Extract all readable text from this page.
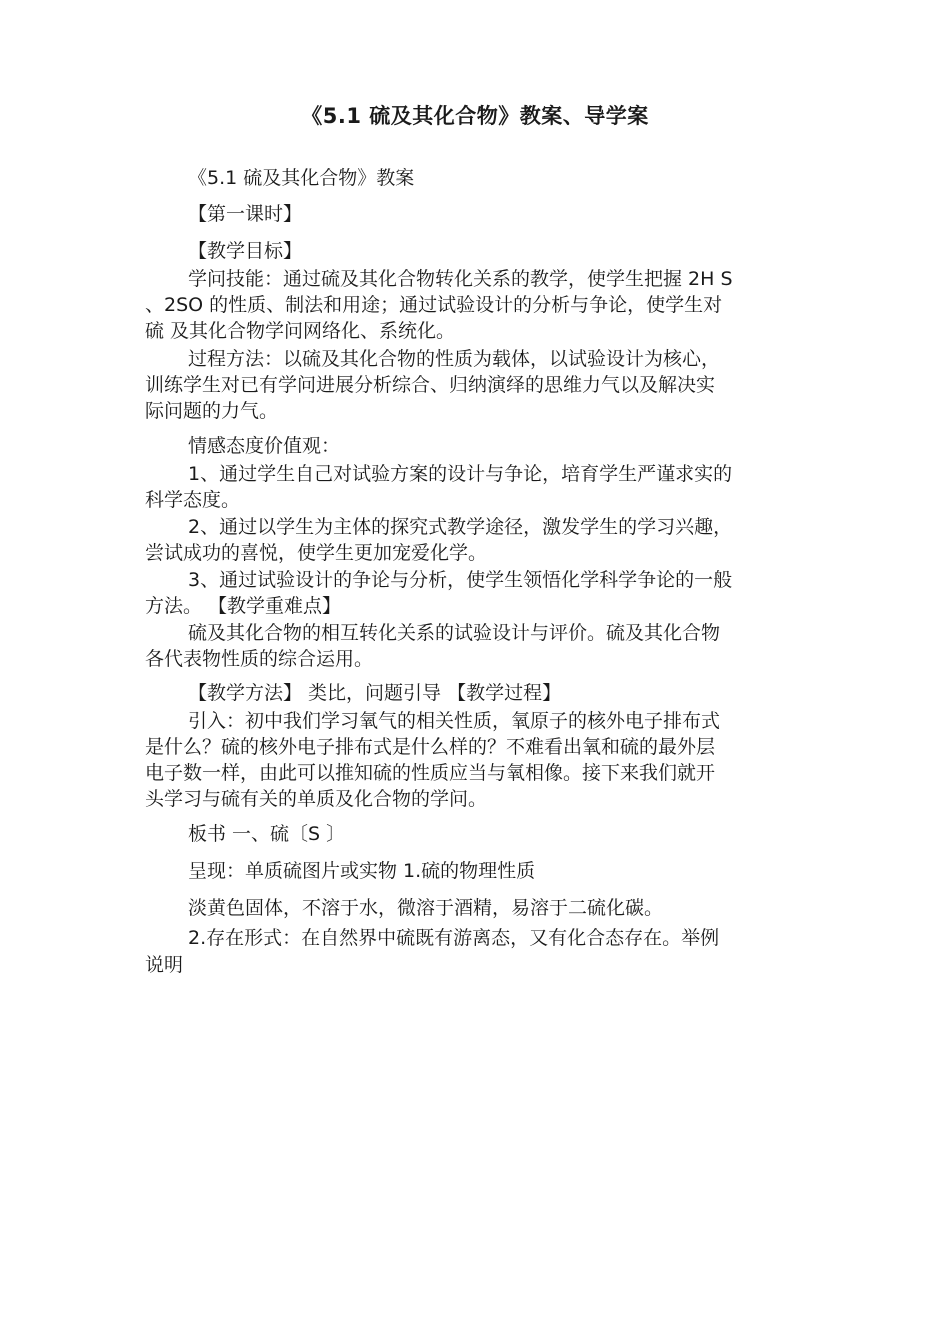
《5.1 硫及其化合物》教案、导学案
《5.1 硫及其化合物》教案
【第一课时】
【教学目标】
学问技能：通过硫及其化合物转化关系的教学，使学生把握 2H S
、2SO 的性质、制法和用途；通过试验设计的分析与争论，使学生对
硫 及其化合物学问网络化、系统化。
过程方法：以硫及其化合物的性质为载体，以试验设计为核心，
训练学生对已有学问进展分析综合、归纳演绎的思维力气以及解决实
际问题的力气。
情感态度价值观：
1、通过学生自己对试验方案的设计与争论，培育学生严谨求实的
科学态度。
2、通过以学生为主体的探究式教学途径，激发学生的学习兴趣，
尝试成功的喜悦，使学生更加宠爱化学。
3、通过试验设计的争论与分析，使学生领悟化学科学争论的一般
方法。 【教学重难点】
硫及其化合物的相互转化关系的试验设计与评价。硫及其化合物
各代表物性质的综合运用。
【教学方法】 类比，问题引导 【教学过程】
引入：初中我们学习氧气的相关性质，氧原子的核外电子排布式
是什么？硫的核外电子排布式是什么样的？不难看出氧和硫的最外层
电子数一样，由此可以推知硫的性质应当与氧相像。接下来我们就开
头学习与硫有关的单质及化合物的学问。
板书 一、硫〔S 〕
呈现：单质硫图片或实物 1.硫的物理性质
淡黄色固体，不溶于水，微溶于酒精，易溶于二硫化碳。
2.存在形式：在自然界中硫既有游离态，又有化合态存在。举例
说明
